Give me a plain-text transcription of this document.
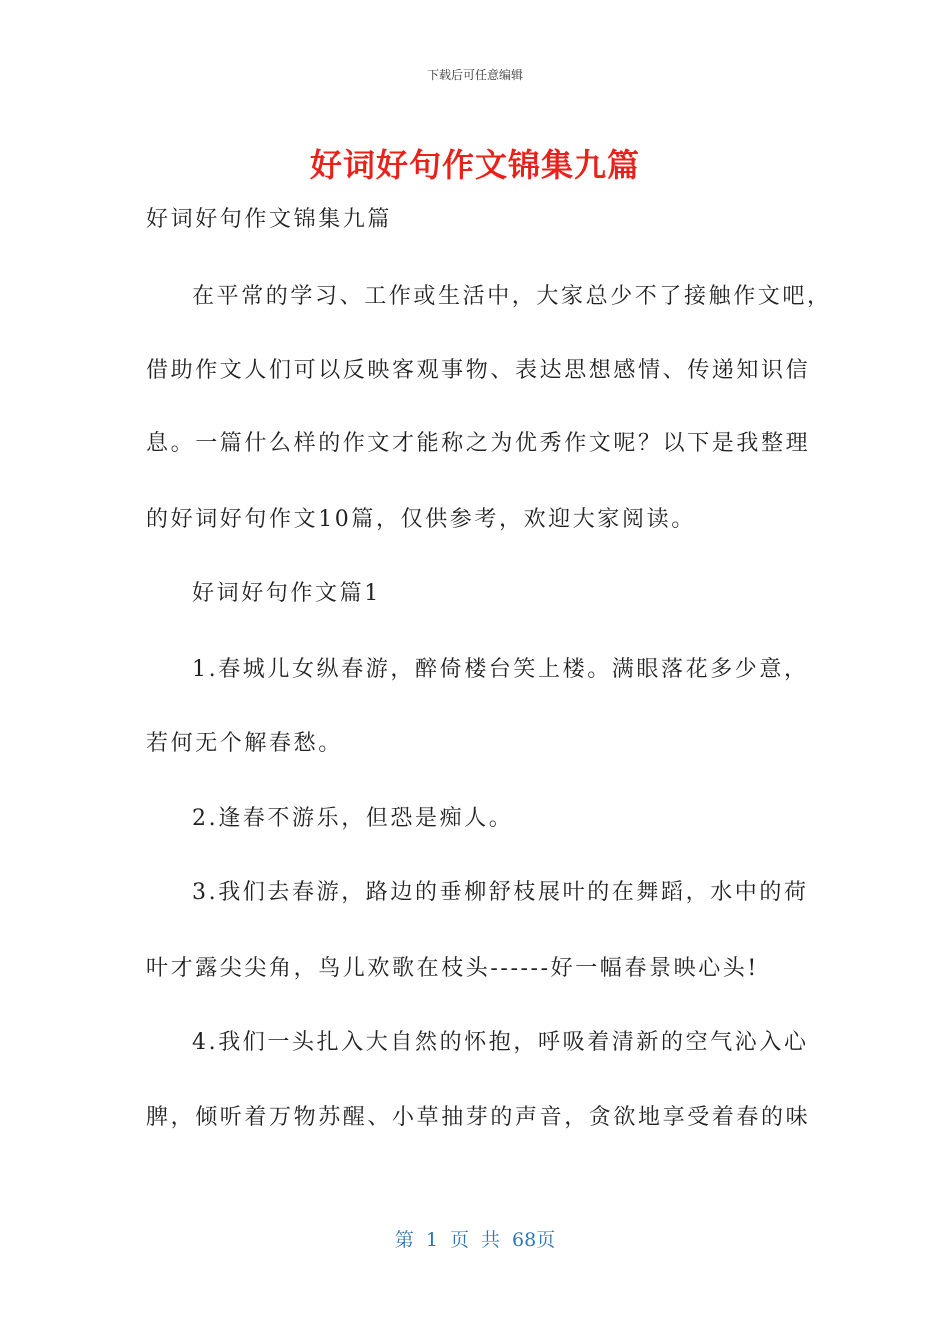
下载后可任意编辑
好词好句作文锦集九篇
好词好句作文锦集九篇
在平常的学习、工作或生活中，大家总少不了接触作文吧，
借助作文人们可以反映客观事物、表达思想感情、传递知识信
息。一篇什么样的作文才能称之为优秀作文呢？以下是我整理
的好词好句作文10篇，仅供参考，欢迎大家阅读。
好词好句作文篇1
1.春城儿女纵春游，醉倚楼台笑上楼。满眼落花多少意，
若何无个解春愁。
2.逢春不游乐，但恐是痴人。
3.我们去春游，路边的垂柳舒枝展叶的在舞蹈，水中的荷
叶才露尖尖角，鸟儿欢歌在枝头------好一幅春景映心头!
4.我们一头扎入大自然的怀抱，呼吸着清新的空气沁入心
脾，倾听着万物苏醒、小草抽芽的声音，贪欲地享受着春的味
第 1 页 共 68页
